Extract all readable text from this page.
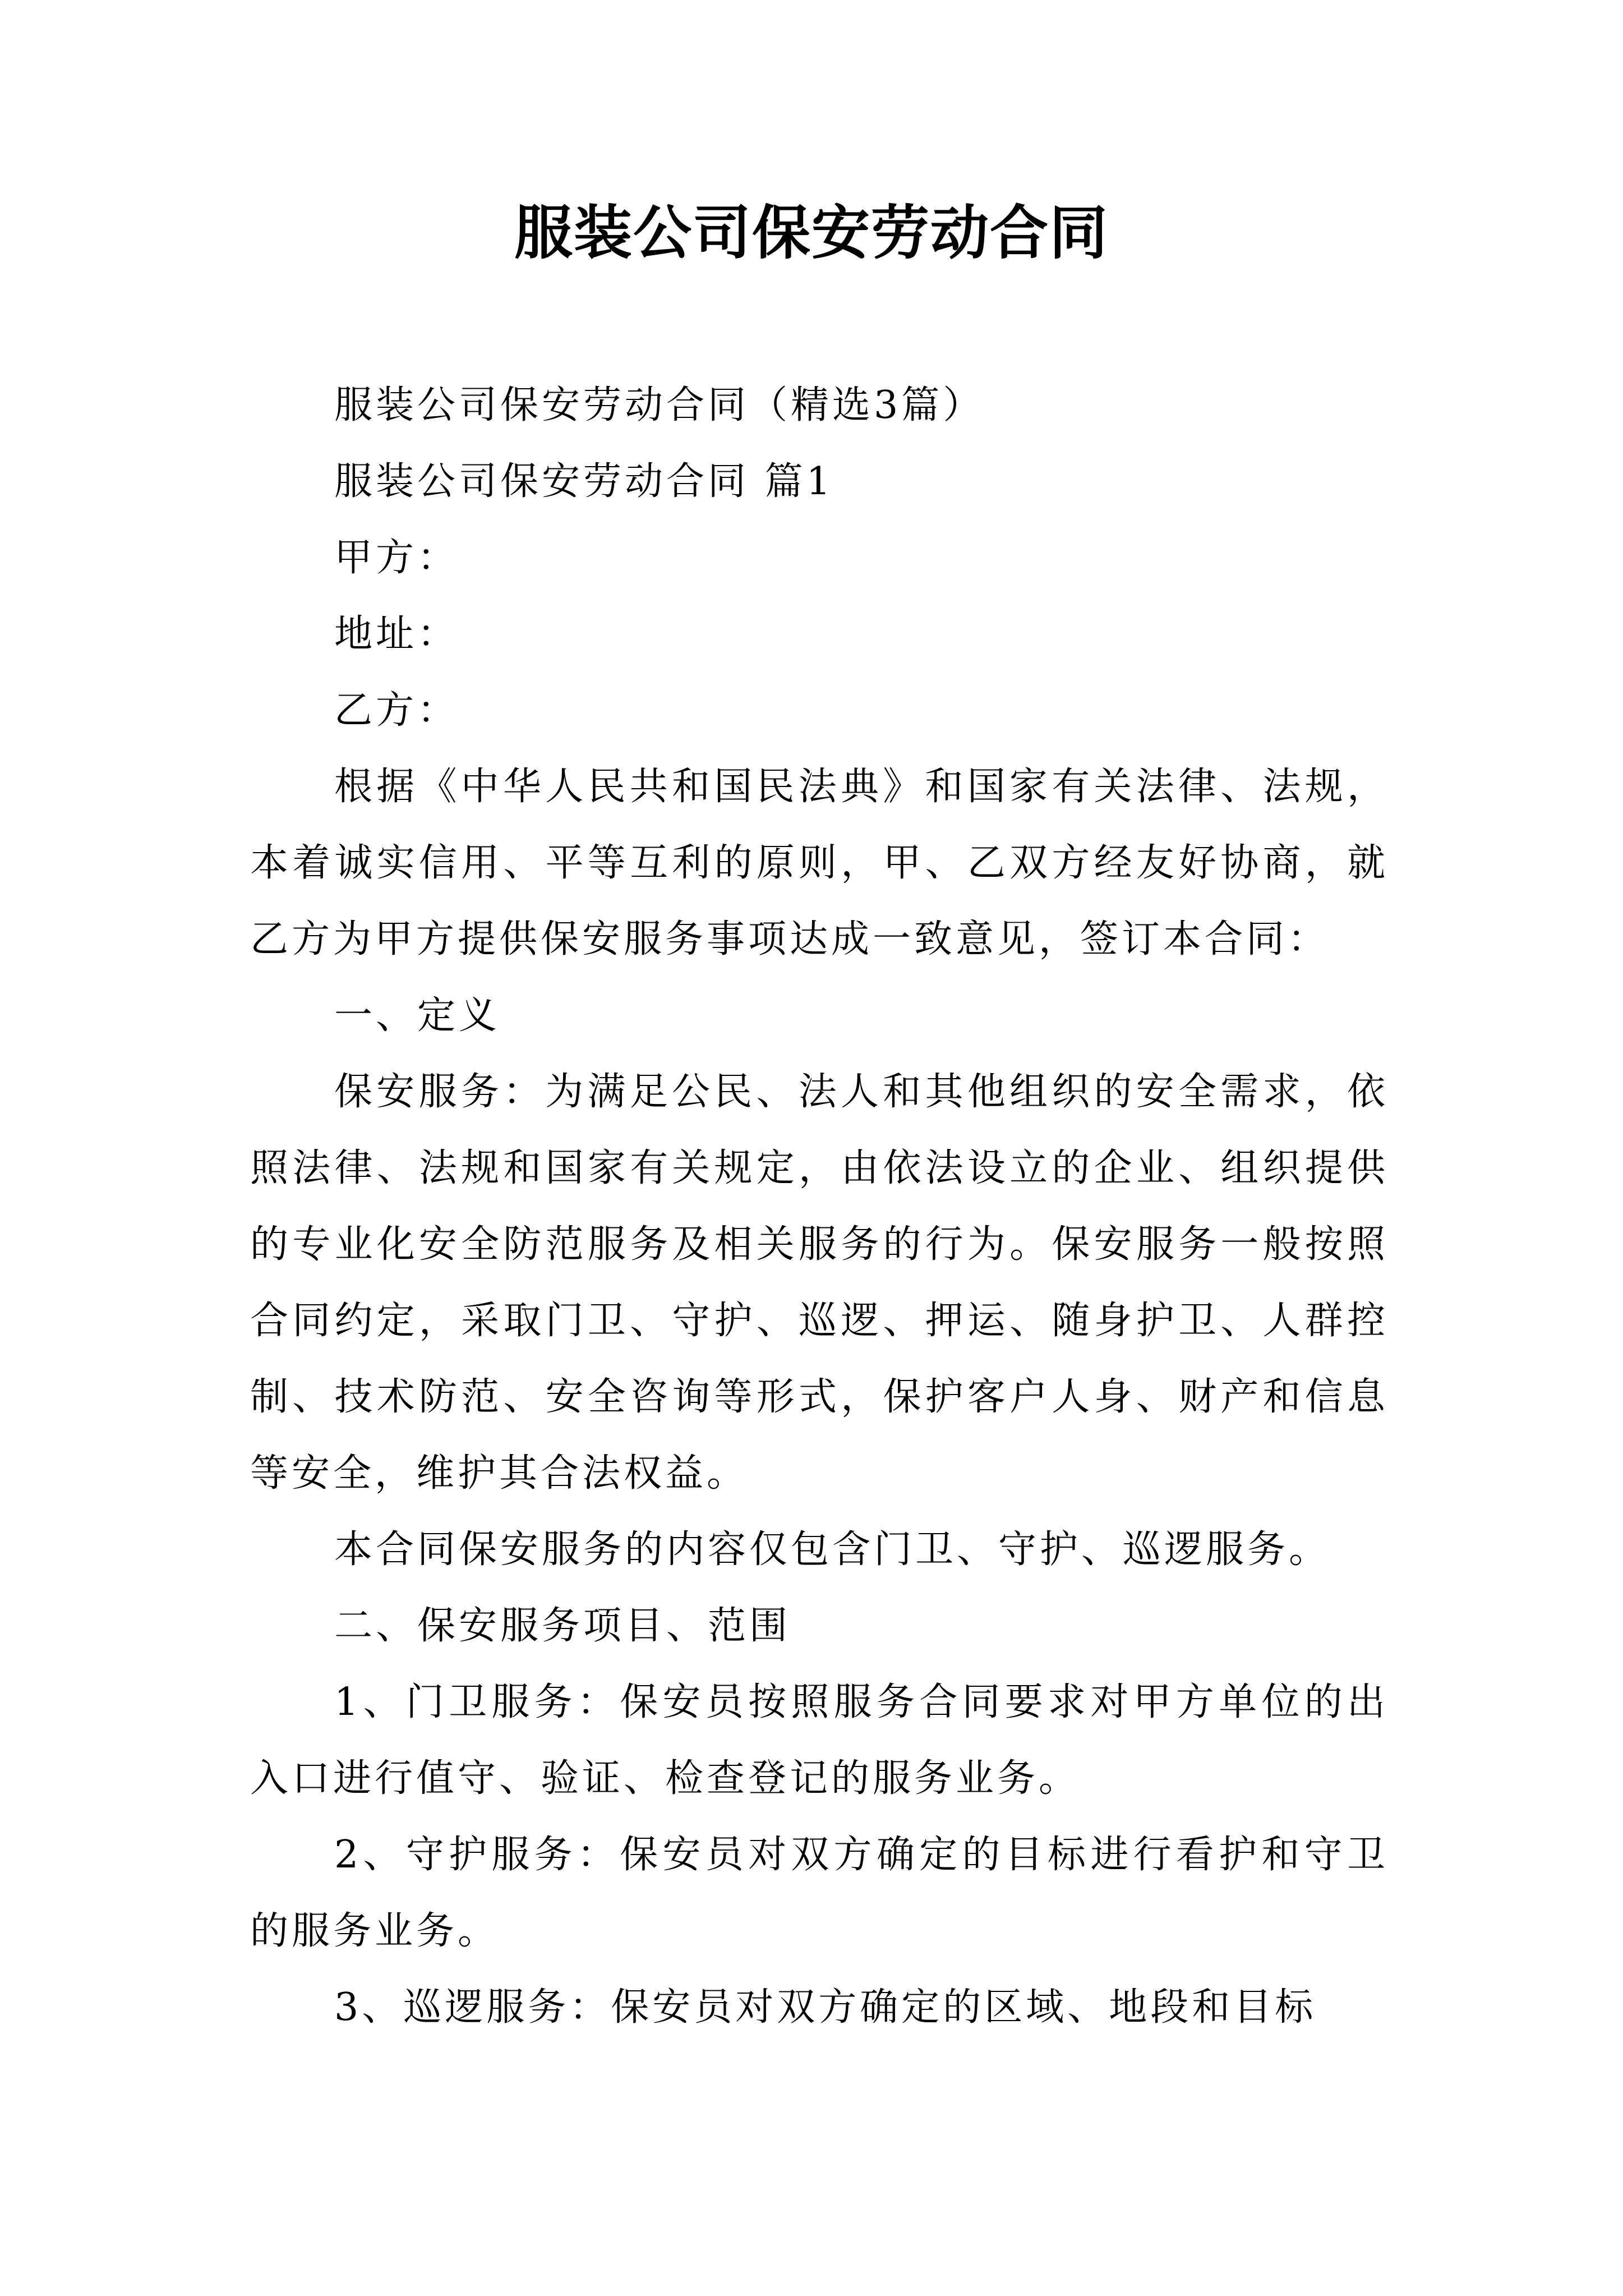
服装公司保安劳动合同

服装公司保安劳动合同（精选3篇）

服装公司保安劳动合同 篇1

甲方：

地址：

乙方：

根据《中华人民共和国民法典》和国家有关法律、法规，本着诚实信用、平等互利的原则，甲、乙双方经友好协商，就乙方为甲方提供保安服务事项达成一致意见，签订本合同：

一、定义

保安服务：为满足公民、法人和其他组织的安全需求，依照法律、法规和国家有关规定，由依法设立的企业、组织提供的专业化安全防范服务及相关服务的行为。保安服务一般按照合同约定，采取门卫、守护、巡逻、押运、随身护卫、人群控制、技术防范、安全咨询等形式，保护客户人身、财产和信息等安全，维护其合法权益。

本合同保安服务的内容仅包含门卫、守护、巡逻服务。

二、保安服务项目、范围

1、门卫服务：保安员按照服务合同要求对甲方单位的出入口进行值守、验证、检查登记的服务业务。

2、守护服务：保安员对双方确定的目标进行看护和守卫的服务业务。

3、巡逻服务：保安员对双方确定的区域、地段和目标
